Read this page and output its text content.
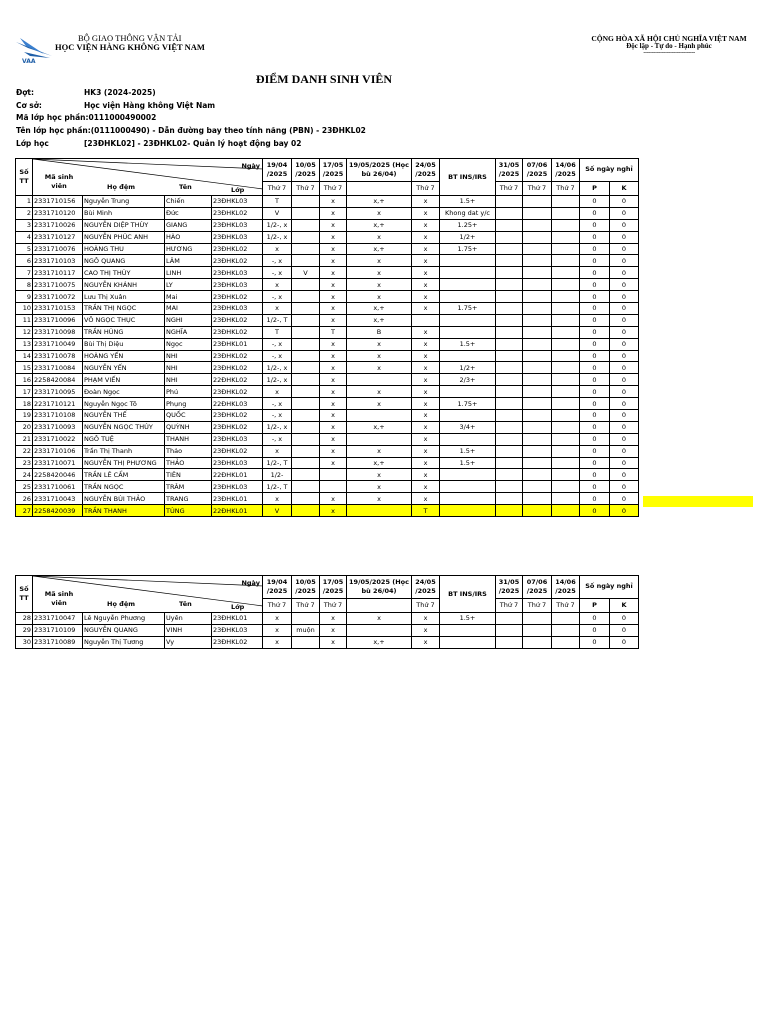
VAA
BỘ GIAO THÔNG VẬN TẢI
HỌC VIỆN HÀNG KHÔNG VIỆT NAM
CỘNG HÒA XÃ HỘI CHỦ NGHĨA VIỆT NAM
Độc lập - Tự do - Hạnh phúc
-------------------------------
ĐIỂM DANH SINH VIÊN
Đợt:	HK3 (2024-2025)
Cơ sở:	Học viện Hàng không Việt Nam
Mã lớp học phần:0111000490002
Tên lớp học phần:(0111000490) - Dẫn đường bay theo tính năng (PBN) - 23ĐHKL02
Lớp học	[23ĐHKL02] - 23ĐHKL02- Quản lý hoạt động bay 02
Số TT	Ngày
Mã sinh viên Họ đệm Tên Lớp				19/04 /2025	10/05 /2025	17/05 /2025	19/05/2025 (Học bù 26/04)	24/05 /2025	BT INS/IRS	31/05 /2025	07/06 /2025	14/06 /2025	Số ngày nghỉ	
					Thứ 7	Thứ 7	Thứ 7		Thứ 7		Thứ 7	Thứ 7	Thứ 7	P	K
1	2331710156	Nguyễn Trung	Chiến	23ĐHKL03	T		x	x,+	x	1.5+				0	0
2	2331710120	Bùi Minh	Đức	23ĐHKL02	V		x	x	x	Khong dat y/c				0	0
3	2331710026	NGUYỄN DIỆP THÙY	GIANG	23ĐHKL03	1/2-, x		x	x,+	x	1.25+				0	0
4	2331710127	NGUYỄN PHÚC ANH	HÀO	23ĐHKL03	1/2-, x		x	x	x	1/2+				0	0
5	2331710076	HOÀNG THU	HƯƠNG	23ĐHKL02	x		x	x,+	x	1.75+				0	0
6	2331710103	NGÔ QUANG	LÂM	23ĐHKL02	-, x		x	x	x					0	0
7	2331710117	CAO THỊ THÙY	LINH	23ĐHKL03	-, x	V	x	x	x					0	0
8	2331710075	NGUYỄN KHÁNH	LY	23ĐHKL03	x		x	x	x					0	0
9	2331710072	Lưu Thị Xuân	Mai	23ĐHKL02	-, x		x	x	x					0	0
10	2331710153	TRẦN THỊ NGỌC	MAI	23ĐHKL03	x		x	x,+	x	1.75+				0	0
11	2331710096	VÕ NGỌC THỤC	NGHI	23ĐHKL02	1/2-, T		x	x,+						0	0
12	2331710098	TRẦN HÙNG	NGHĨA	23ĐHKL02	T		T	B	x					0	0
13	2331710049	Bùi Thị Diệu	Ngọc	23ĐHKL01	-, x		x	x	x	1.5+				0	0
14	2331710078	HOÀNG YẾN	NHI	23ĐHKL02	-, x		x	x	x					0	0
15	2331710084	NGUYỄN YẾN	NHI	23ĐHKL02	1/2-, x		x	x	x	1/2+				0	0
16	2258420084	PHẠM VIẾN	NHI	22ĐHKL02	1/2-, x		x		x	2/3+				0	0
17	2331710095	Đoàn Ngọc	Phú	23ĐHKL02	x		x	x	x					0	0
18	2231710121	Nguyễn Ngọc Tô	Phụng	22ĐHKL03	-, x		x	x	x	1.75+				0	0
19	2331710108	NGUYỄN THẾ	QUỐC	23ĐHKL02	-, x		x		x					0	0
20	2331710093	NGUYỄN NGỌC THÚY	QUỲNH	23ĐHKL02	1/2-, x		x	x,+	x	3/4+				0	0
21	2331710022	NGÔ TUỆ	THANH	23ĐHKL03	-, x		x		x					0	0
22	2331710106	Trần Thị Thanh	Thảo	23ĐHKL02	x		x	x	x	1.5+				0	0
23	2331710071	NGUYỄN THỊ PHƯƠNG	THẢO	23ĐHKL03	1/2-, T		x	x,+	x	1.5+				0	0
24	2258420046	TRẦN LÊ CẨM	TIÊN	22ĐHKL01	1/2-			x	x					0	0
25	2331710061	TRẦN NGỌC	TRÂM	23ĐHKL03	1/2-, T			x	x					0	0
26	2331710043	NGUYỄN BÙI THẢO	TRANG	23ĐHKL01	x		x	x	x					0	0
27	2258420039	TRẦN THANH	TÙNG	22ĐHKL01	V		x		T					0	0
Số TT	Ngày
Mã sinh viên Họ đệm Tên Lớp				19/04 /2025	10/05 /2025	17/05 /2025	19/05/2025 (Học bù 26/04)	24/05 /2025	BT INS/IRS	31/05 /2025	07/06 /2025	14/06 /2025	Số ngày nghỉ	
					Thứ 7	Thứ 7	Thứ 7		Thứ 7		Thứ 7	Thứ 7	Thứ 7	P	K
28	2331710047	Lê Nguyễn Phương	Uyên	23ĐHKL01	x		x	x	x	1.5+				0	0
29	2331710109	NGUYỄN QUANG	VINH	23ĐHKL03	x	muộn	x		x					0	0
30	2331710089	Nguyễn Thị Tương	Vy	23ĐHKL02	x		x	x,+	x					0	0
